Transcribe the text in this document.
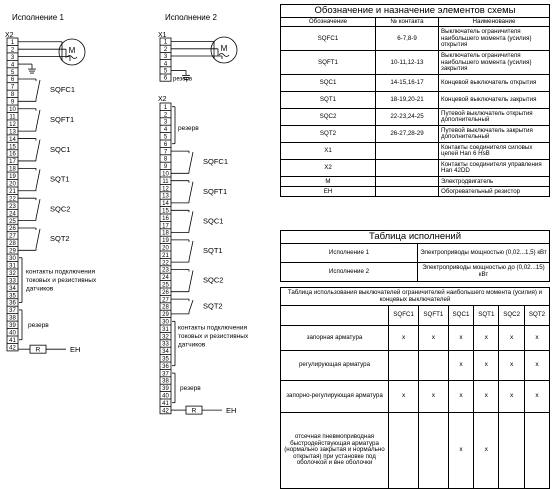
Исполнение 1
X2
1
2
3
4
5
6
7
8
9
10
11
12
13
14
15
16
17
18
19
20
21
22
23
24
25
26
27
28
29
30
31
32
33
34
35
36
37
38
39
40
41
42
M
SQFC1
SQFT1
SQC1
SQT1
SQC2
SQT2
контакты подключения
токовых и резистивных
датчиков
резерв
R	EH
Исполнение 2
X1
1
2
3
4
5
6
M
резерв
X2
1
2
3
4
5
6
7
8
9
10
11
12
13
14
15
16
17
18
19
20
21
22
23
24
25
26
27
28
29
30
31
32
33
34
35
36
37
38
39
40
41
42
резерв
SQFC1
SQFT1
SQC1
SQT1
SQC2
SQT2
контакты подключения
токовых и резистивных
датчиков
резерв
R	EH
Обозначение и назначение элементов схемы		
Обозначение	№ контакта	Наименование
SQFC1	6-7,8-9	Выключатель ограничителя наибольшего момента (усилия) открытия
SQFT1	10-11,12-13	Выключатель ограничителя наибольшего момента (усилия) закрытия
SQC1	14-15,16-17	Концевой выключатель открытия
SQT1	18-19,20-21	Концевой выключатель закрытия
SQC2	22-23,24-25	Путевой выключатель открытия дополнительный
SQT2	26-27,28-29	Путевой выключатель закрытия дополнительный
X1		Контакты соединителя силовых цепей Han 6 HsB
X2		Контакты соединителя управления Han 42DD
M		Электродвигатель
EH		Обогревательный резистор
Таблица исполнений	
Исполнение 1	Электроприводы мощностью (0,02...1,5) кВт
Исполнение 2	Электроприводы мощностью до (0,02...15) кВт
Таблица использования выключателей ограничителей наибольшего момента (усилия) и концевых выключателей						
	SQFC1	SQFT1	SQC1	SQT1	SQC2	SQT2
запорная арматура	x	x	x	x	x	x
регулирующая арматура			x	x	x	x
запорно-регулирующая арматура	x	x	x	x	x	x
отсечная пневмоприводная быстродействующая арматура (нормально закрытая и нормально открытая) при установке под оболочкой и вне оболочки			x	x		
